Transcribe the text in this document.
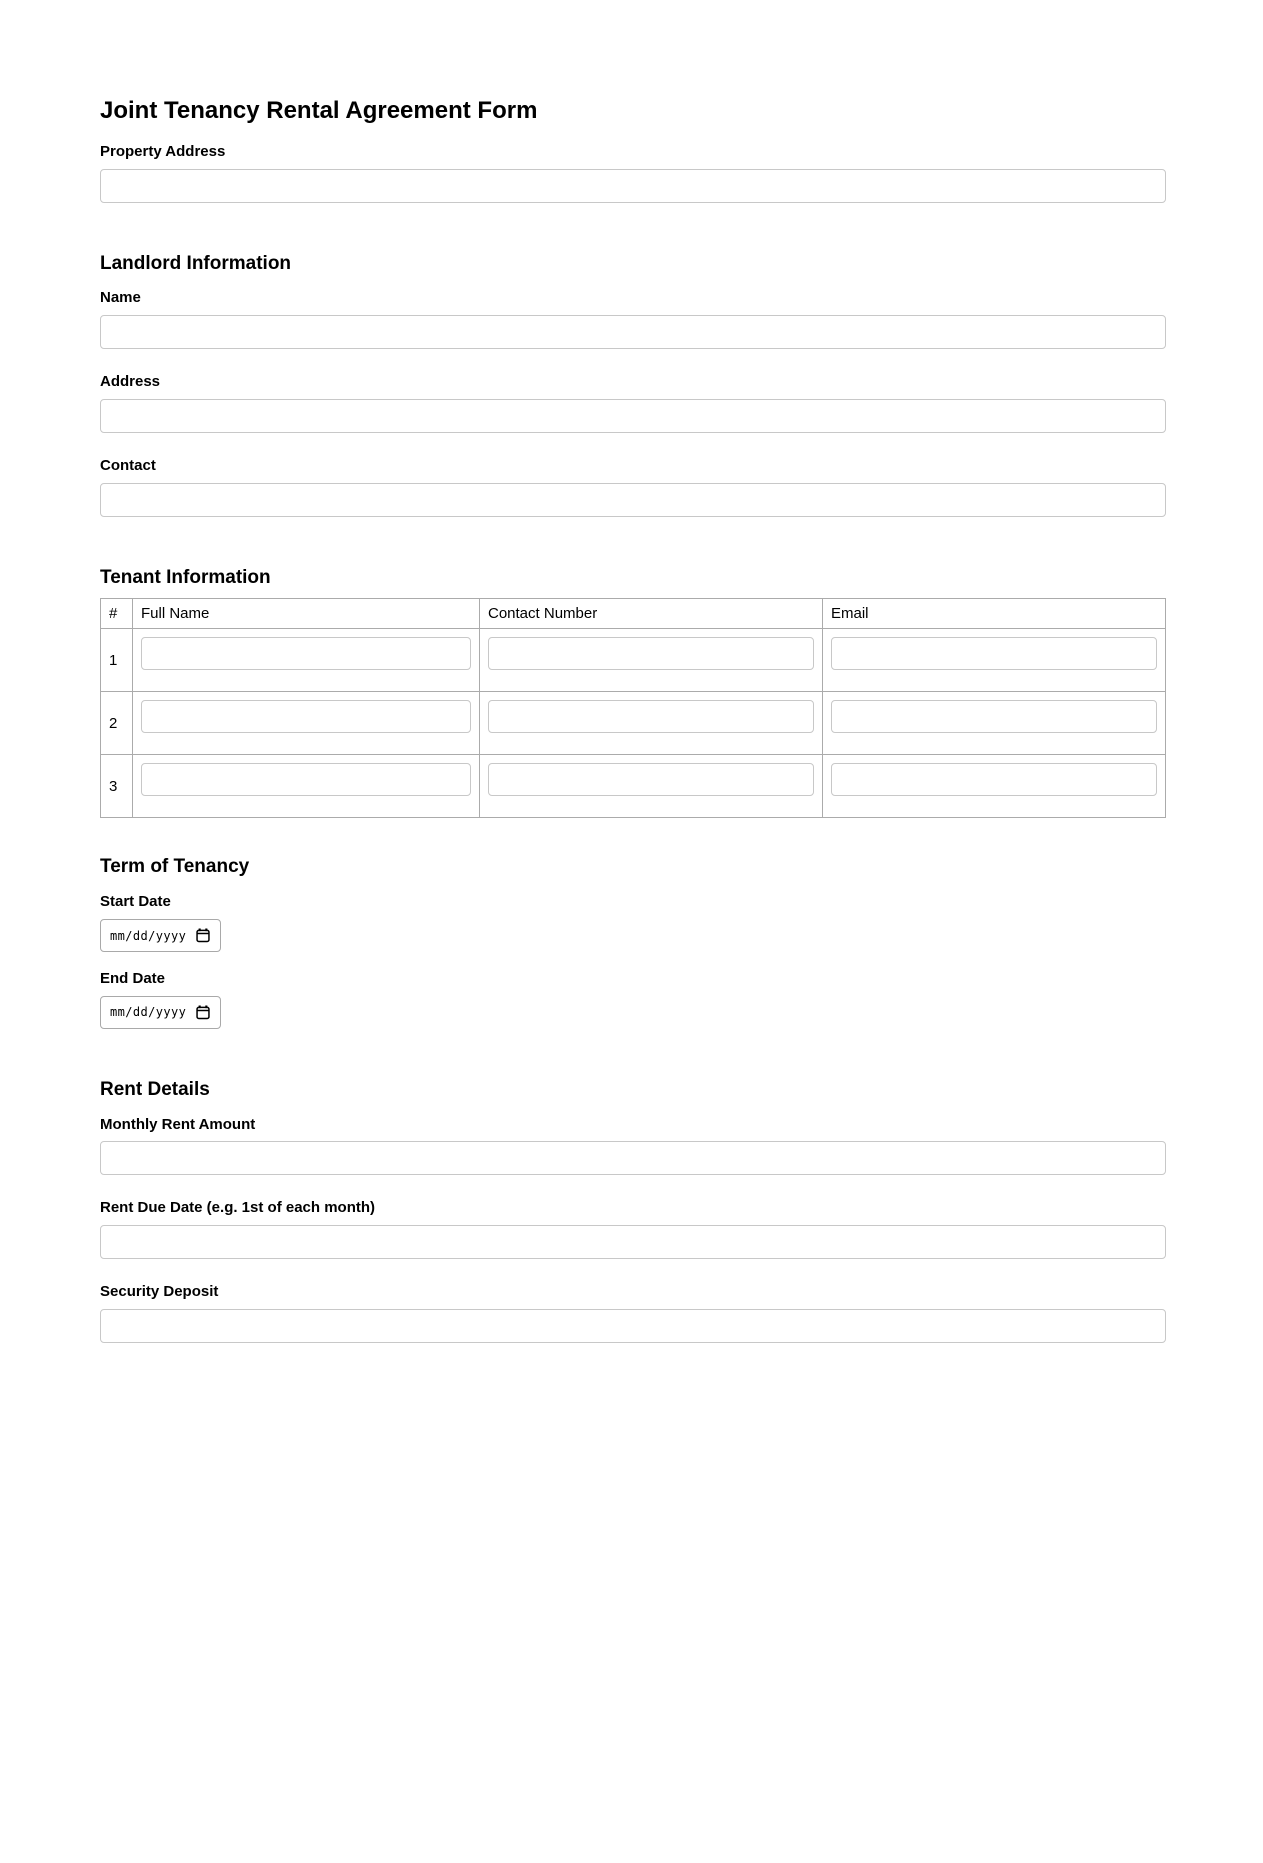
Joint Tenancy Rental Agreement Form
Property Address
Landlord Information
Name
Address
Contact
Tenant Information
#	Full Name	Contact Number	Email
1	

2	

3	

Term of Tenancy
Start Date
mm/dd/yyyy
End Date
mm/dd/yyyy
Rent Details
Monthly Rent Amount
Rent Due Date (e.g. 1st of each month)
Security Deposit
